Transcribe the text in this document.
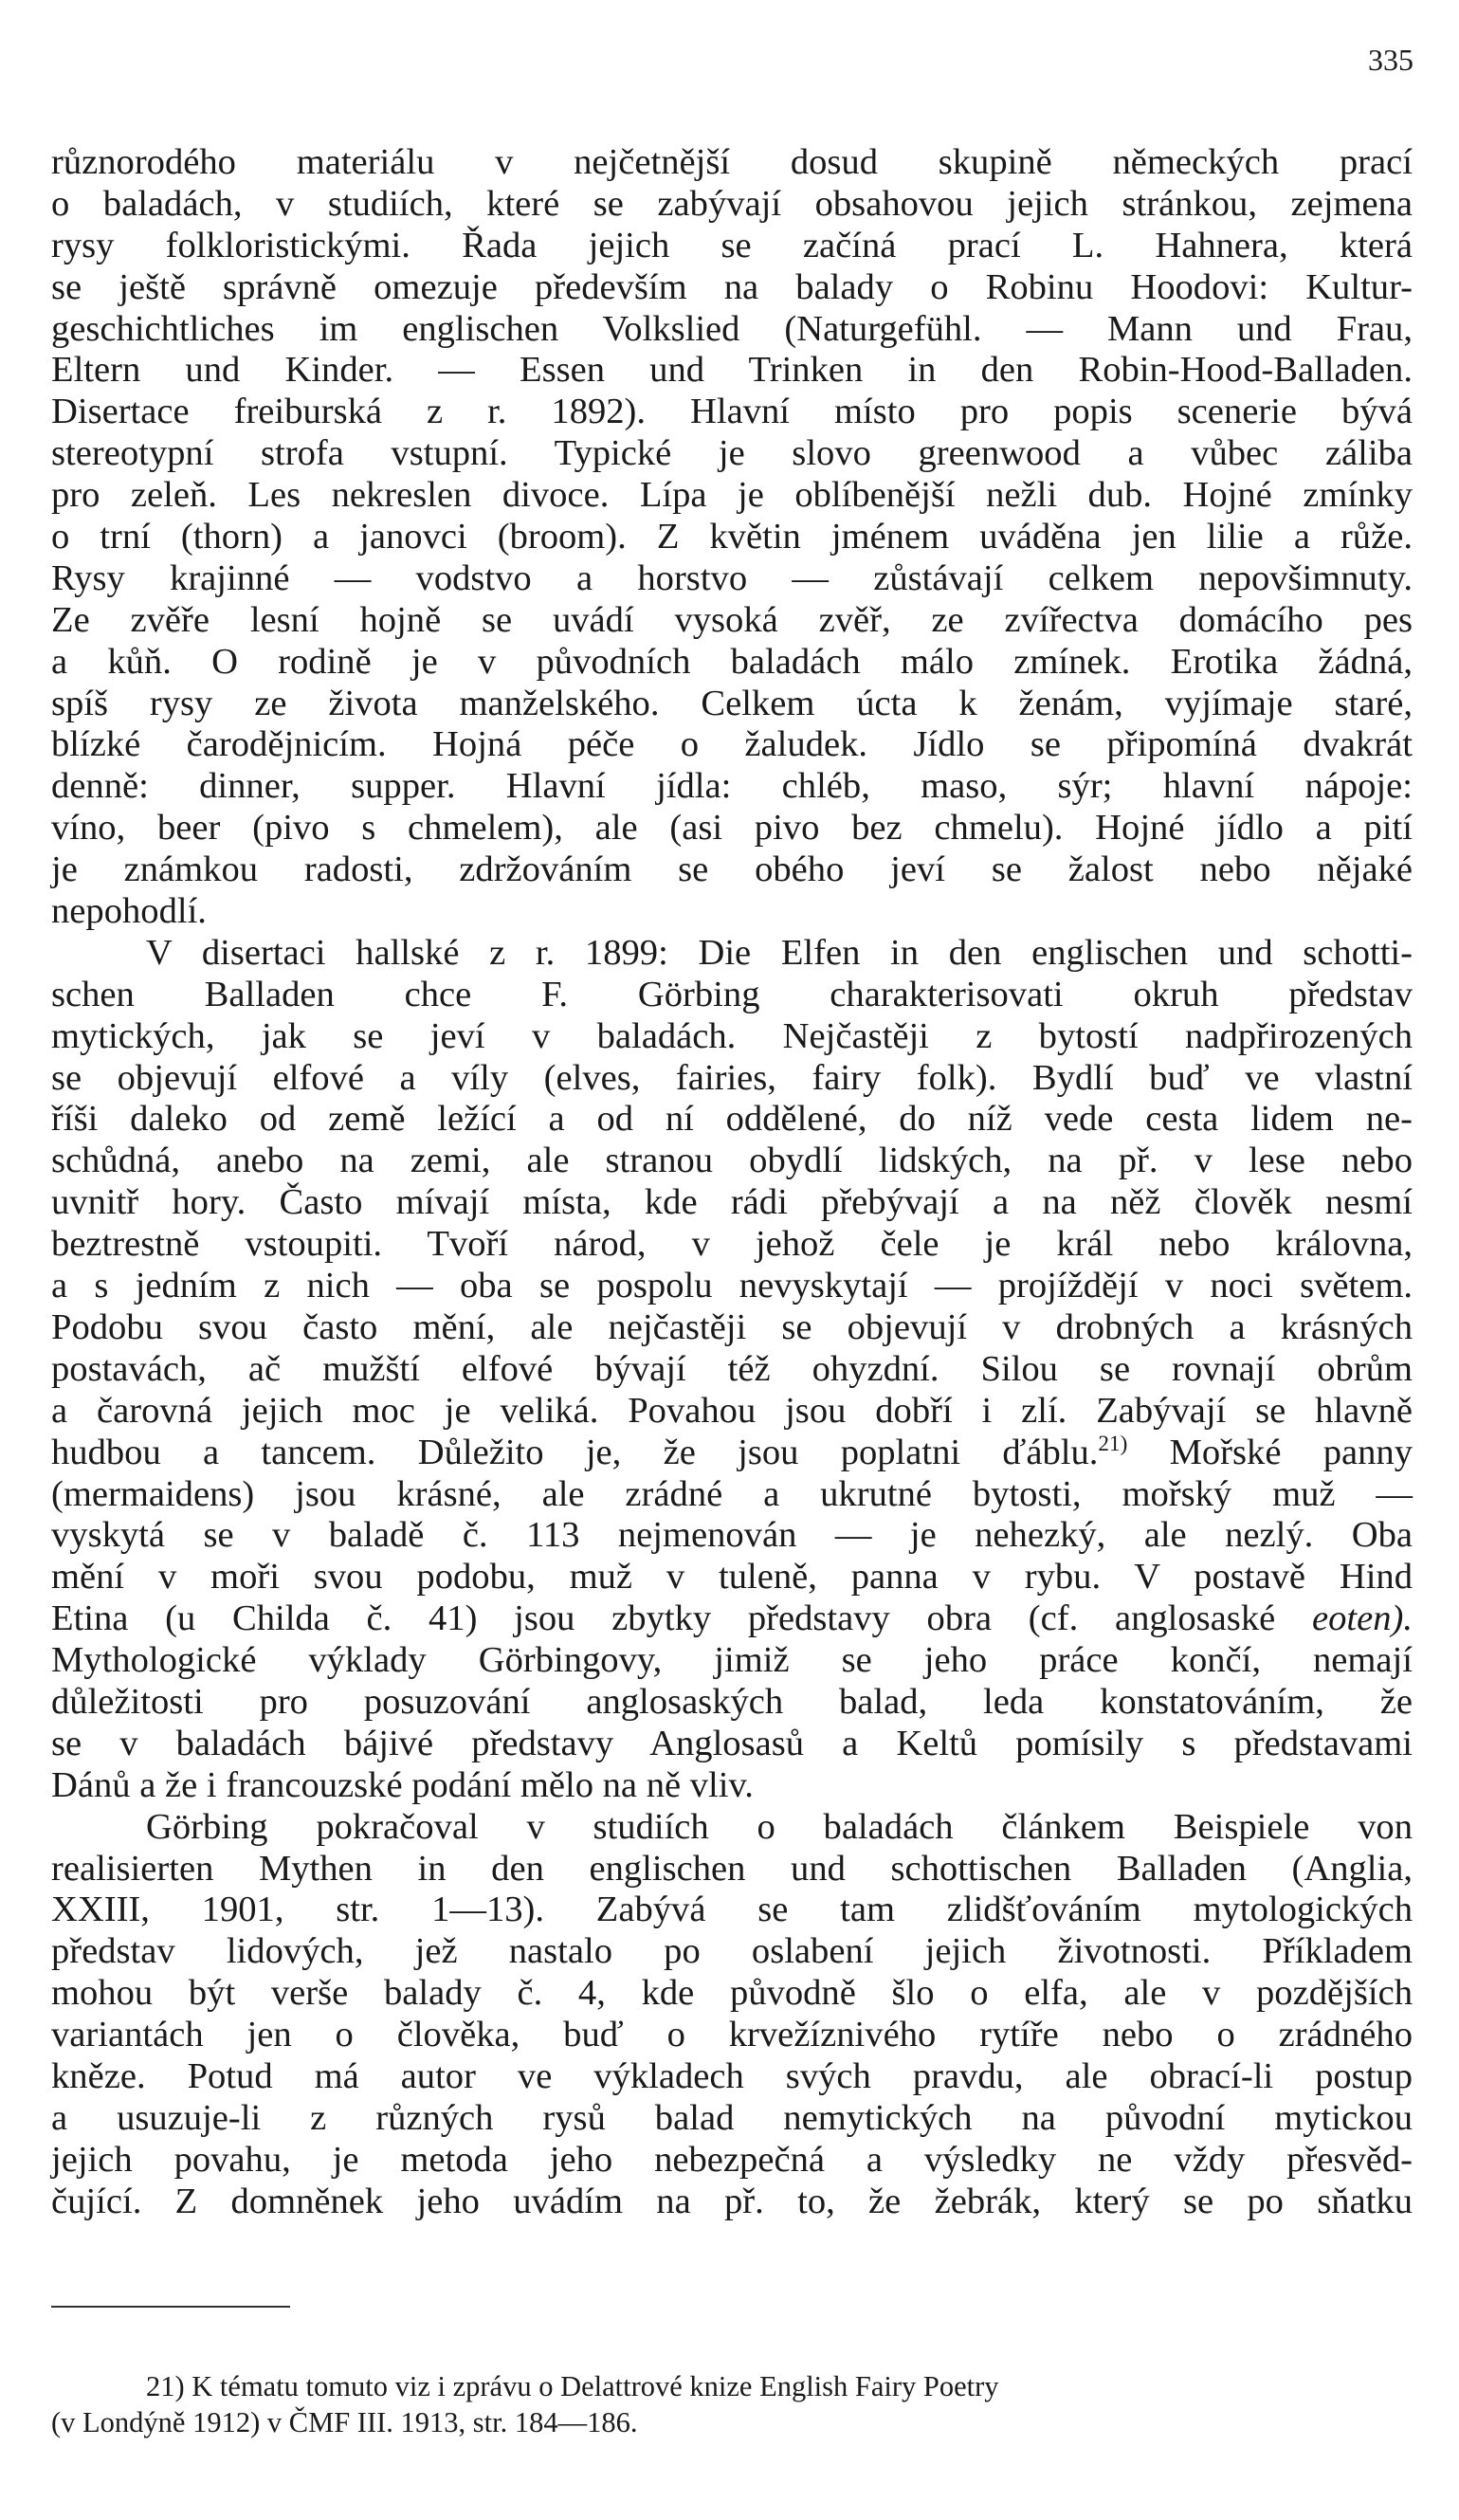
335
různorodého materiálu v nejčetnější dosud skupině německých prací
o baladách, v studiích, které se zabývají obsahovou jejich stránkou, zejmena
rysy folkloristickými. Řada jejich se začíná prací L. Hahnera, která
se ještě správně omezuje především na balady o Robinu Hoodovi: Kultur-
geschichtliches im englischen Volkslied (Naturgefühl. — Mann und Frau,
Eltern und Kinder. — Essen und Trinken in den Robin-Hood-Balladen.
Disertace freiburská z r. 1892). Hlavní místo pro popis scenerie bývá
stereotypní strofa vstupní. Typické je slovo greenwood a vůbec záliba
pro zeleň. Les nekreslen divoce. Lípa je oblíbenější nežli dub. Hojné zmínky
o trní (thorn) a janovci (broom). Z květin jménem uváděna jen lilie a růže.
Rysy krajinné — vodstvo a horstvo — zůstávají celkem nepovšimnuty.
Ze zvěře lesní hojně se uvádí vysoká zvěř, ze zvířectva domácího pes
a kůň. O rodině je v původních baladách málo zmínek. Erotika žádná,
spíš rysy ze života manželského. Celkem úcta k ženám, vyjímaje staré,
blízké čarodějnicím. Hojná péče o žaludek. Jídlo se připomíná dvakrát
denně: dinner, supper. Hlavní jídla: chléb, maso, sýr; hlavní nápoje:
víno, beer (pivo s chmelem), ale (asi pivo bez chmelu). Hojné jídlo a pití
je známkou radosti, zdržováním se obého jeví se žalost nebo nějaké
nepohodlí.
V disertaci hallské z r. 1899: Die Elfen in den englischen und schotti-
schen Balladen chce F. Görbing charakterisovati okruh představ
mytických, jak se jeví v baladách. Nejčastěji z bytostí nadpřirozených
se objevují elfové a víly (elves, fairies, fairy folk). Bydlí buď ve vlastní
říši daleko od země ležící a od ní oddělené, do níž vede cesta lidem ne-
schůdná, anebo na zemi, ale stranou obydlí lidských, na př. v lese nebo
uvnitř hory. Často mívají místa, kde rádi přebývají a na něž člověk nesmí
beztrestně vstoupiti. Tvoří národ, v jehož čele je král nebo královna,
a s jedním z nich — oba se pospolu nevyskytají — projíždějí v noci světem.
Podobu svou často mění, ale nejčastěji se objevují v drobných a krásných
postavách, ač mužští elfové bývají též ohyzdní. Silou se rovnají obrům
a čarovná jejich moc je veliká. Povahou jsou dobří i zlí. Zabývají se hlavně
hudbou a tancem. Důležito je, že jsou poplatni ďáblu.$^{21)}$ Mořské panny
(mermaidens) jsou krásné, ale zrádné a ukrutné bytosti, mořský muž —
vyskytá se v baladě č. 113 nejmenován — je nehezký, ale nezlý. Oba
mění v moři svou podobu, muž v tuleně, panna v rybu. V postavě Hind
Etina (u Childa č. 41) jsou zbytky představy obra (cf. anglosaské eoten).
Mythologické výklady Görbingovy, jimiž se jeho práce končí, nemají
důležitosti pro posuzování anglosaských balad, leda konstatováním, že
se v baladách bájivé představy Anglosasů a Keltů pomísily s představami
Dánů a že i francouzské podání mělo na ně vliv.
Görbing pokračoval v studiích o baladách článkem Beispiele von
realisierten Mythen in den englischen und schottischen Balladen (Anglia,
XXIII, 1901, str. 1—13). Zabývá se tam zlidšťováním mytologických
představ lidových, jež nastalo po oslabení jejich životnosti. Příkladem
mohou být verše balady č. 4, kde původně šlo o elfa, ale v pozdějších
variantách jen o člověka, buď o krvežíznivého rytíře nebo o zrádného
kněze. Potud má autor ve výkladech svých pravdu, ale obrací-li postup
a usuzuje-li z různých rysů balad nemytických na původní mytickou
jejich povahu, je metoda jeho nebezpečná a výsledky ne vždy přesvěd-
čující. Z domněnek jeho uvádím na př. to, že žebrák, který se po sňatku
21) K tématu tomuto viz i zprávu o Delattrové knize English Fairy Poetry
(v Londýně 1912) v ČMF III. 1913, str. 184—186.
